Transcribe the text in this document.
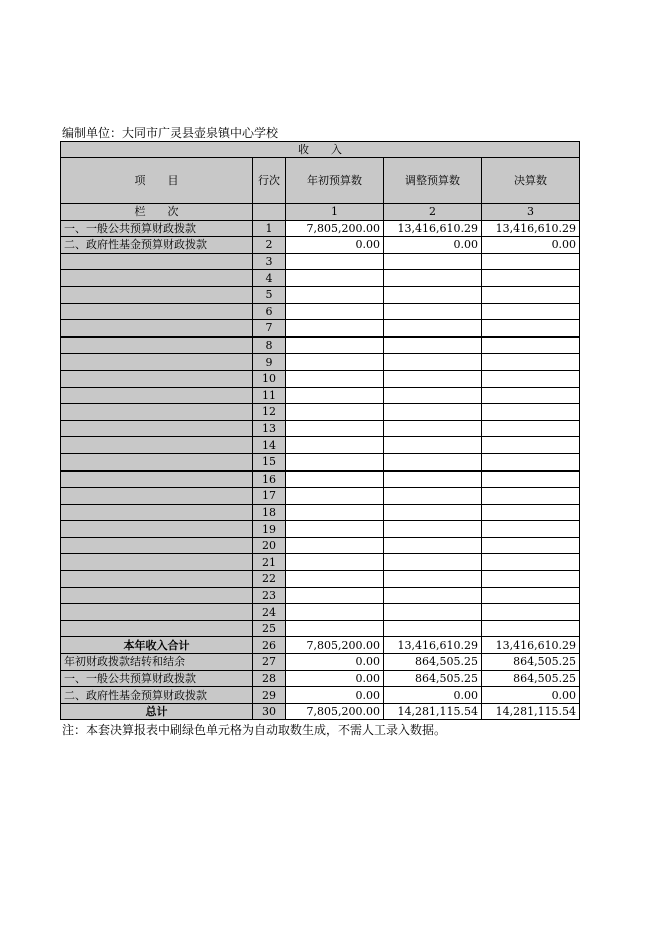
编制单位：大同市广灵县壶泉镇中心学校
收　　入				
项　　目	行次	年初预算数	调整预算数	决算数
栏　　次		1	2	3
一、一般公共预算财政拨款	1	7,805,200.00	13,416,610.29	13,416,610.29
二、政府性基金预算财政拨款	2	0.00	0.00	0.00
	3			
	4			
	5			
	6			
	7			
	8			
	9			
	10			
	11			
	12			
	13			
	14			
	15			
	16			
	17			
	18			
	19			
	20			
	21			
	22			
	23			
	24			
	25			
本年收入合计	26	7,805,200.00	13,416,610.29	13,416,610.29
年初财政拨款结转和结余	27	0.00	864,505.25	864,505.25
一、一般公共预算财政拨款	28	0.00	864,505.25	864,505.25
二、政府性基金预算财政拨款	29	0.00	0.00	0.00
总计	30	7,805,200.00	14,281,115.54	14,281,115.54
注：本套决算报表中刷绿色单元格为自动取数生成，不需人工录入数据。
